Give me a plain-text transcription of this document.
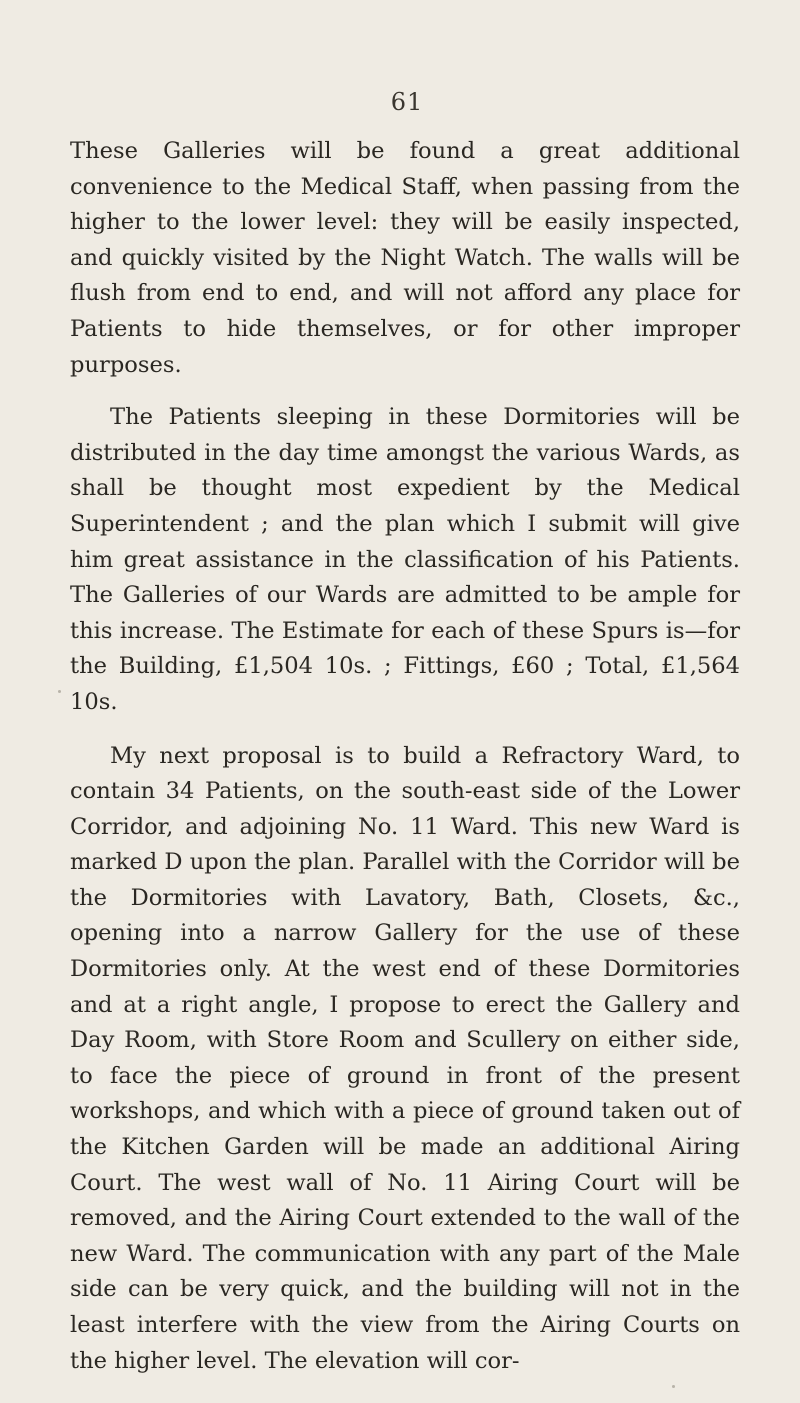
61

These Galleries will be found a great additional convenience to the Medical Staff, when passing from the higher to the lower level: they will be easily inspected, and quickly visited by the Night Watch. The walls will be flush from end to end, and will not afford any place for Patients to hide themselves, or for other improper purposes.

The Patients sleeping in these Dormitories will be distributed in the day time amongst the various Wards, as shall be thought most expedient by the Medical Superintendent ; and the plan which I submit will give him great assistance in the classification of his Patients. The Galleries of our Wards are admitted to be ample for this increase. The Estimate for each of these Spurs is—for the Building, £1,504 10s. ; Fittings, £60 ; Total, £1,564 10s.

My next proposal is to build a Refractory Ward, to contain 34 Patients, on the south-east side of the Lower Corridor, and adjoining No. 11 Ward. This new Ward is marked D upon the plan. Parallel with the Corridor will be the Dormitories with Lavatory, Bath, Closets, &c., opening into a narrow Gallery for the use of these Dormitories only. At the west end of these Dormitories and at a right angle, I propose to erect the Gallery and Day Room, with Store Room and Scullery on either side, to face the piece of ground in front of the present workshops, and which with a piece of ground taken out of the Kitchen Garden will be made an additional Airing Court. The west wall of No. 11 Airing Court will be removed, and the Airing Court extended to the wall of the new Ward. The communication with any part of the Male side can be very quick, and the building will not in the least interfere with the view from the Airing Courts on the higher level. The elevation will cor-
